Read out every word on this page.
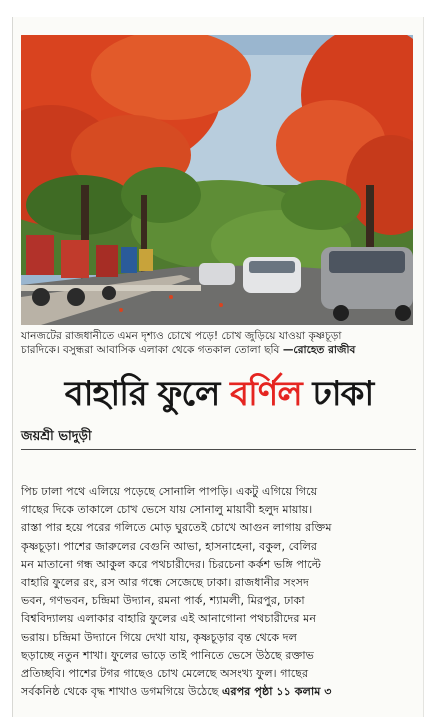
যানজটের রাজধানীতে এমন দৃশ্যও চোখে পড়ে! চোখ জুড়িয়ে যাওয়া কৃষ্ণচূড়া
চারদিকে। বসুন্ধরা আবাসিক এলাকা থেকে গতকাল তোলা ছবি —রোহেত রাজীব
বাহারি ফুলে বর্ণিল ঢাকা
জয়শ্রী ভাদুড়ী
পিচ ঢালা পথে এলিয়ে পড়েছে সোনালি পাপড়ি। একটু এগিয়ে গিয়ে
গাছের দিকে তাকালে চোখ ভেসে যায় সোনালু মায়াবী হলুদ মায়ায়।
রাস্তা পার হয়ে পরের গলিতে মোড় ঘুরতেই চোখে আগুন লাগায় রক্তিম
কৃষ্ণচূড়া। পাশের জারুলের বেগুনি আভা, হাসনাহেনা, বকুল, বেলির
মন মাতানো গন্ধ আকুল করে পথচারীদের। চিরচেনা কর্কশ ভঙ্গি পাল্টে
বাহারি ফুলের রং, রস আর গন্ধে সেজেছে ঢাকা। রাজধানীর সংসদ
ভবন, গণভবন, চন্দ্রিমা উদ্যান, রমনা পার্ক, শ্যামলী, মিরপুর, ঢাকা
বিশ্ববিদ্যালয় এলাকার বাহারি ফুলের এই আনাগোনা পথচারীদের মন
ভরায়। চন্দ্রিমা উদ্যানে গিয়ে দেখা যায়, কৃষ্ণচূড়ার বৃন্ত থেকে দল
ছড়াচ্ছে নতুন শাখা। ফুলের ভাড়ে তাই পানিতে ভেসে উঠছে রক্তাভ
প্রতিচ্ছবি। পাশের টগর গাছেও চোখ মেলেছে অসংখ্য ফুল। গাছের
সর্বকনিষ্ঠ থেকে বৃদ্ধ শাখাও ডগমগিয়ে উঠেছে এরপর পৃষ্ঠা ১১ কলাম ৩
